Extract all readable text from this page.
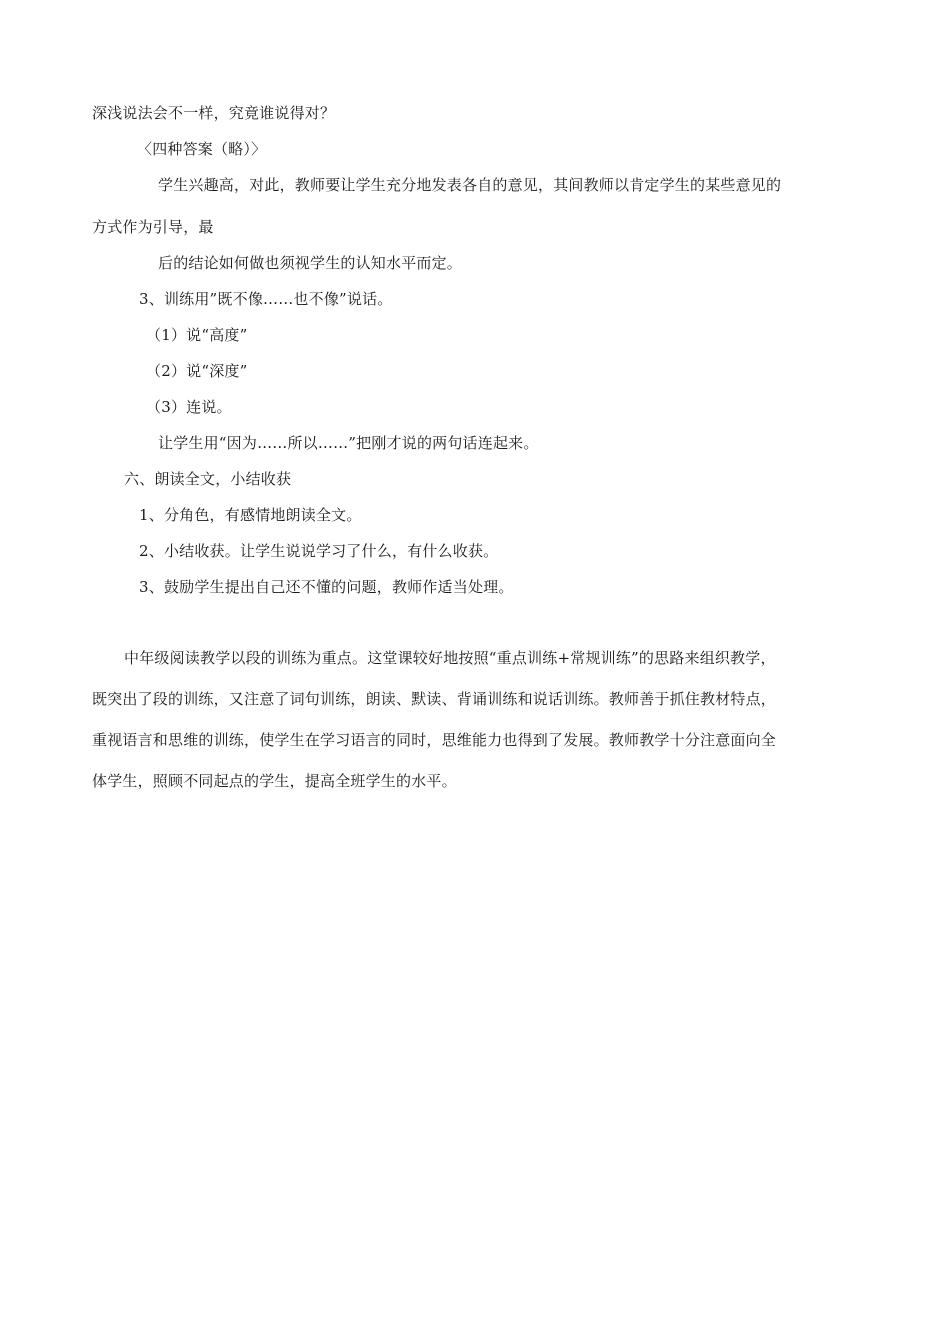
深浅说法会不一样，究竟谁说得对？
〈四种答案（略）〉
学生兴趣高，对此，教师要让学生充分地发表各自的意见，其间教师以肯定学生的某些意见的
方式作为引导，最
后的结论如何做也须视学生的认知水平而定。
3、训练用”既不像……也不像”说话。
（1）说“高度”
（2）说“深度”
（3）连说。
让学生用“因为……所以……”把刚才说的两句话连起来。
六、朗读全文，小结收获
1、分角色，有感情地朗读全文。
2、小结收获。让学生说说学习了什么，有什么收获。
3、鼓励学生提出自己还不懂的问题，教师作适当处理。
中年级阅读教学以段的训练为重点。这堂课较好地按照“重点训练+常规训练”的思路来组织教学，
既突出了段的训练，又注意了词句训练，朗读、默读、背诵训练和说话训练。教师善于抓住教材特点，
重视语言和思维的训练，使学生在学习语言的同时，思维能力也得到了发展。教师教学十分注意面向全
体学生，照顾不同起点的学生，提高全班学生的水平。
